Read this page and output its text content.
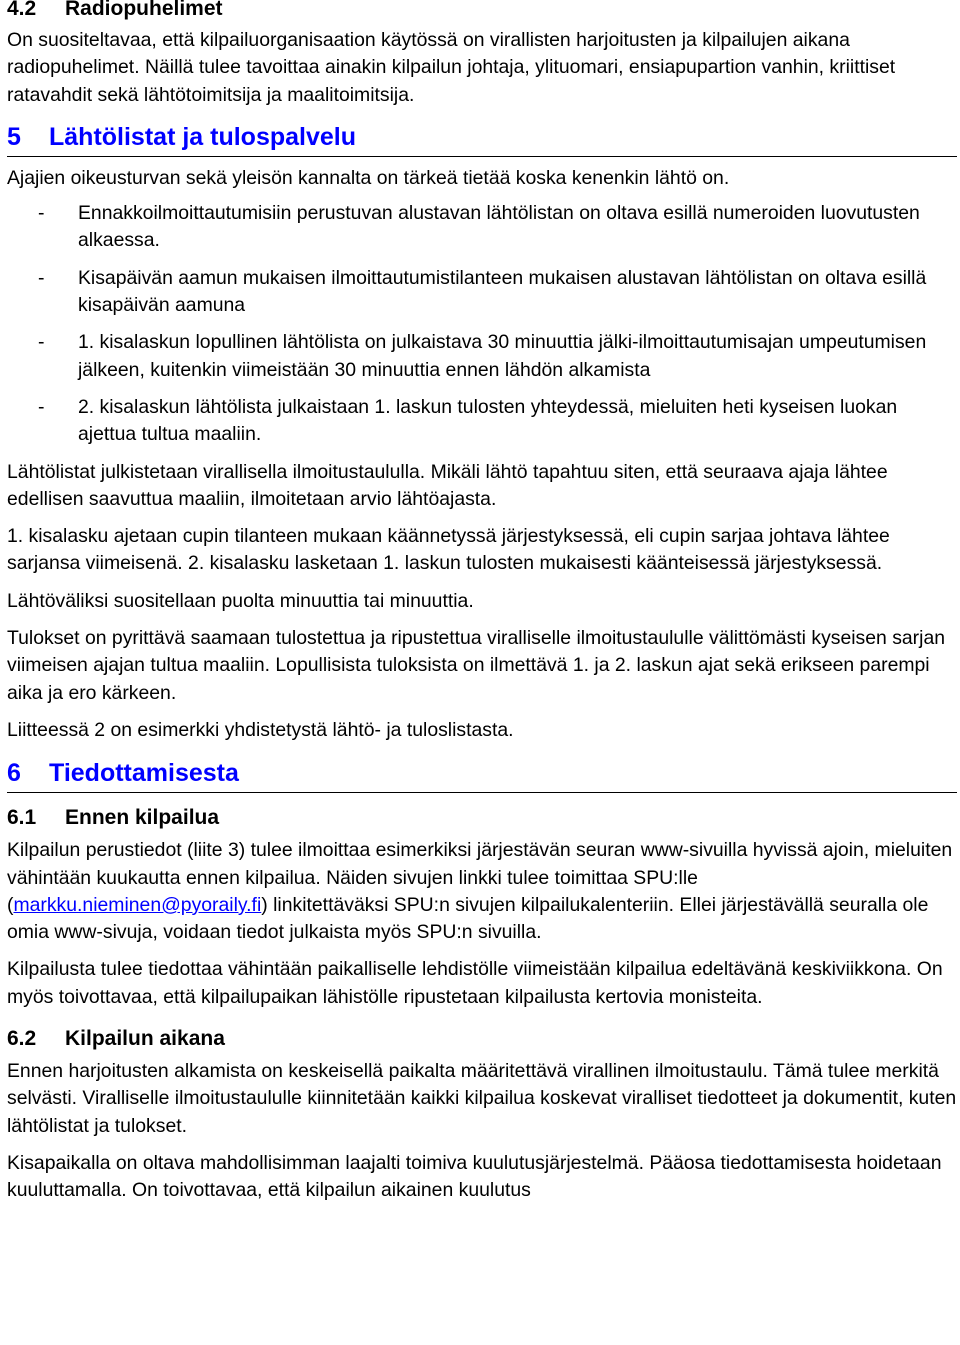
4.2 Radiopuhelimet

On suositeltavaa, että kilpailuorganisaation käytössä on virallisten harjoitusten ja kilpailujen aikana radiopuhelimet. Näillä tulee tavoittaa ainakin kilpailun johtaja, ylituomari, ensiapupartion vanhin, kriittiset ratavahdit sekä lähtötoimitsija ja maalitoimitsija.

5 Lähtölistat ja tulospalvelu

Ajajien oikeusturvan sekä yleisön kannalta on tärkeä tietää koska kenenkin lähtö on.

- Ennakkoilmoittautumisiin perustuvan alustavan lähtölistan on oltava esillä numeroiden luovutusten alkaessa.
- Kisapäivän aamun mukaisen ilmoittautumistilanteen mukaisen alustavan lähtölistan on oltava esillä kisapäivän aamuna
- 1. kisalaskun lopullinen lähtölista on julkaistava 30 minuuttia jälki-ilmoittautumisajan umpeutumisen jälkeen, kuitenkin viimeistään 30 minuuttia ennen lähdön alkamista
- 2. kisalaskun lähtölista julkaistaan 1. laskun tulosten yhteydessä, mieluiten heti kyseisen luokan ajettua tultua maaliin.

Lähtölistat julkistetaan virallisella ilmoitustaululla. Mikäli lähtö tapahtuu siten, että seuraava ajaja lähtee edellisen saavuttua maaliin, ilmoitetaan arvio lähtöajasta.

1. kisalasku ajetaan cupin tilanteen mukaan käännetyssä järjestyksessä, eli cupin sarjaa johtava lähtee sarjansa viimeisenä. 2. kisalasku lasketaan 1. laskun tulosten mukaisesti käänteisessä järjestyksessä.

Lähtöväliksi suositellaan puolta minuuttia tai minuuttia.

Tulokset on pyrittävä saamaan tulostettua ja ripustettua viralliselle ilmoitustaululle välittömästi kyseisen sarjan viimeisen ajajan tultua maaliin. Lopullisista tuloksista on ilmettävä 1. ja 2. laskun ajat sekä erikseen parempi aika ja ero kärkeen.

Liitteessä 2 on esimerkki yhdistetystä lähtö- ja tuloslistasta.

6 Tiedottamisesta
6.1 Ennen kilpailua

Kilpailun perustiedot (liite 3) tulee ilmoittaa esimerkiksi järjestävän seuran www-sivuilla hyvissä ajoin, mieluiten vähintään kuukautta ennen kilpailua. Näiden sivujen linkki tulee toimittaa SPU:lle (markku.nieminen@pyoraily.fi) linkitettäväksi SPU:n sivujen kilpailukalenteriin. Ellei järjestävällä seuralla ole omia www-sivuja, voidaan tiedot julkaista myös SPU:n sivuilla.

Kilpailusta tulee tiedottaa vähintään paikalliselle lehdistölle viimeistään kilpailua edeltävänä keskiviikkona. On myös toivottavaa, että kilpailupaikan lähistölle ripustetaan kilpailusta kertovia monisteita.

6.2 Kilpailun aikana

Ennen harjoitusten alkamista on keskeisellä paikalta määritettävä virallinen ilmoitustaulu. Tämä tulee merkitä selvästi. Viralliselle ilmoitustaululle kiinnitetään kaikki kilpailua koskevat viralliset tiedotteet ja dokumentit, kuten lähtölistat ja tulokset.

Kisapaikalla on oltava mahdollisimman laajalti toimiva kuulutusjärjestelmä. Pääosa tiedottamisesta hoidetaan kuuluttamalla. On toivottavaa, että kilpailun aikainen kuulutus
